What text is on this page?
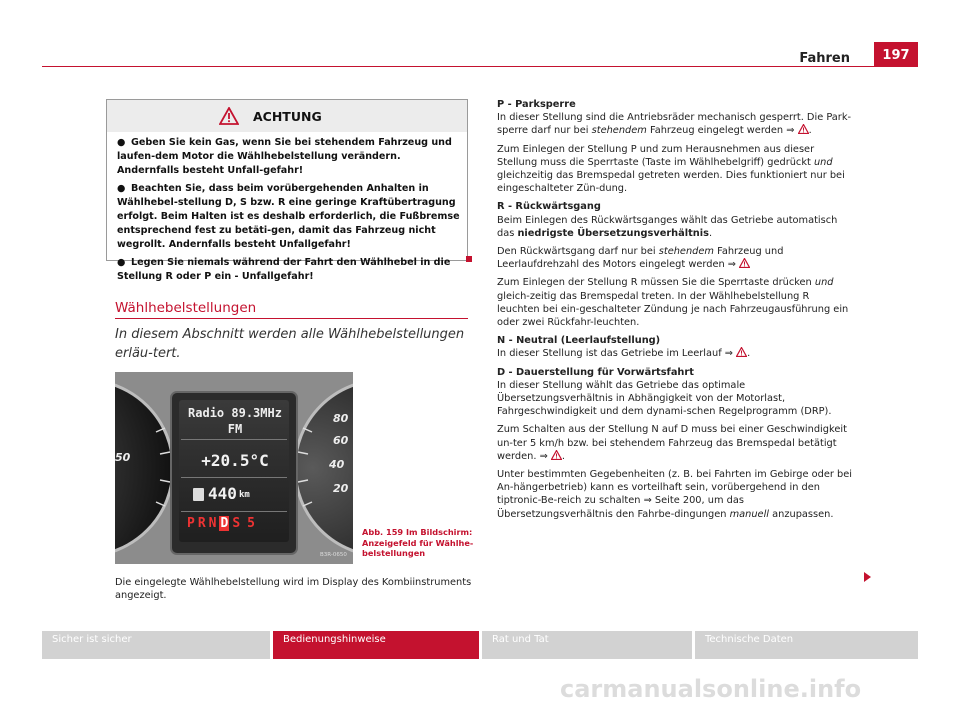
Fahren	197
ACHTUNG

● Geben Sie kein Gas, wenn Sie bei stehendem Fahrzeug und laufen-dem Motor die Wählhebelstellung verändern. Andernfalls besteht Unfall-gefahr!

● Beachten Sie, dass beim vorübergehenden Anhalten in Wählhebel-stellung D, S bzw. R eine geringe Kraftübertragung erfolgt. Beim Halten ist es deshalb erforderlich, die Fußbremse entsprechend fest zu betäti-gen, damit das Fahrzeug nicht wegrollt. Andernfalls besteht Unfallgefahr!

● Legen Sie niemals während der Fahrt den Wählhebel in die Stellung R oder P ein - Unfallgefahr!

Wählhebelstellungen
In diesem Abschnitt werden alle Wählhebelstellungen erläu-tert.
50
80
60
40
20
Radio 89.3MHz
FM
+20.5°C
440 km
P R N D S 5
B3R-0650
Abb. 159 Im Bildschirm: Anzeigefeld für Wählhe-belstellungen
Die eingelegte Wählhebelstellung wird im Display des Kombiinstruments angezeigt.

P - Parksperre

In dieser Stellung sind die Antriebsräder mechanisch gesperrt. Die Park-sperre darf nur bei stehendem Fahrzeug eingelegt werden ⇒ .

Zum Einlegen der Stellung P und zum Herausnehmen aus dieser Stellung muss die Sperrtaste (Taste im Wählhebelgriff) gedrückt und gleichzeitig das Bremspedal getreten werden. Dies funktioniert nur bei eingeschalteter Zün-dung.

R - Rückwärtsgang

Beim Einlegen des Rückwärtsganges wählt das Getriebe automatisch das niedrigste Übersetzungsverhältnis.

Den Rückwärtsgang darf nur bei stehendem Fahrzeug und Leerlaufdrehzahl des Motors eingelegt werden ⇒

Zum Einlegen der Stellung R müssen Sie die Sperrtaste drücken und gleich-zeitig das Bremspedal treten. In der Wählhebelstellung R leuchten bei ein-geschalteter Zündung je nach Fahrzeugausführung ein oder zwei Rückfahr-leuchten.

N - Neutral (Leerlaufstellung)

In dieser Stellung ist das Getriebe im Leerlauf ⇒ .

D - Dauerstellung für Vorwärtsfahrt

In dieser Stellung wählt das Getriebe das optimale Übersetzungsverhältnis in Abhängigkeit von der Motorlast, Fahrgeschwindigkeit und dem dynami-schen Regelprogramm (DRP).

Zum Schalten aus der Stellung N auf D muss bei einer Geschwindigkeit un-ter 5 km/h bzw. bei stehendem Fahrzeug das Bremspedal betätigt werden. ⇒ .

Unter bestimmten Gegebenheiten (z. B. bei Fahrten im Gebirge oder bei An-hängerbetrieb) kann es vorteilhaft sein, vorübergehend in den tiptronic-Be-reich zu schalten ⇒ Seite 200, um das Übersetzungsverhältnis den Fahrbe-dingungen manuell anzupassen.

Sicher ist sicher	Bedienungshinweise	Rat und Tat	Technische Daten
carmanualsonline.info
